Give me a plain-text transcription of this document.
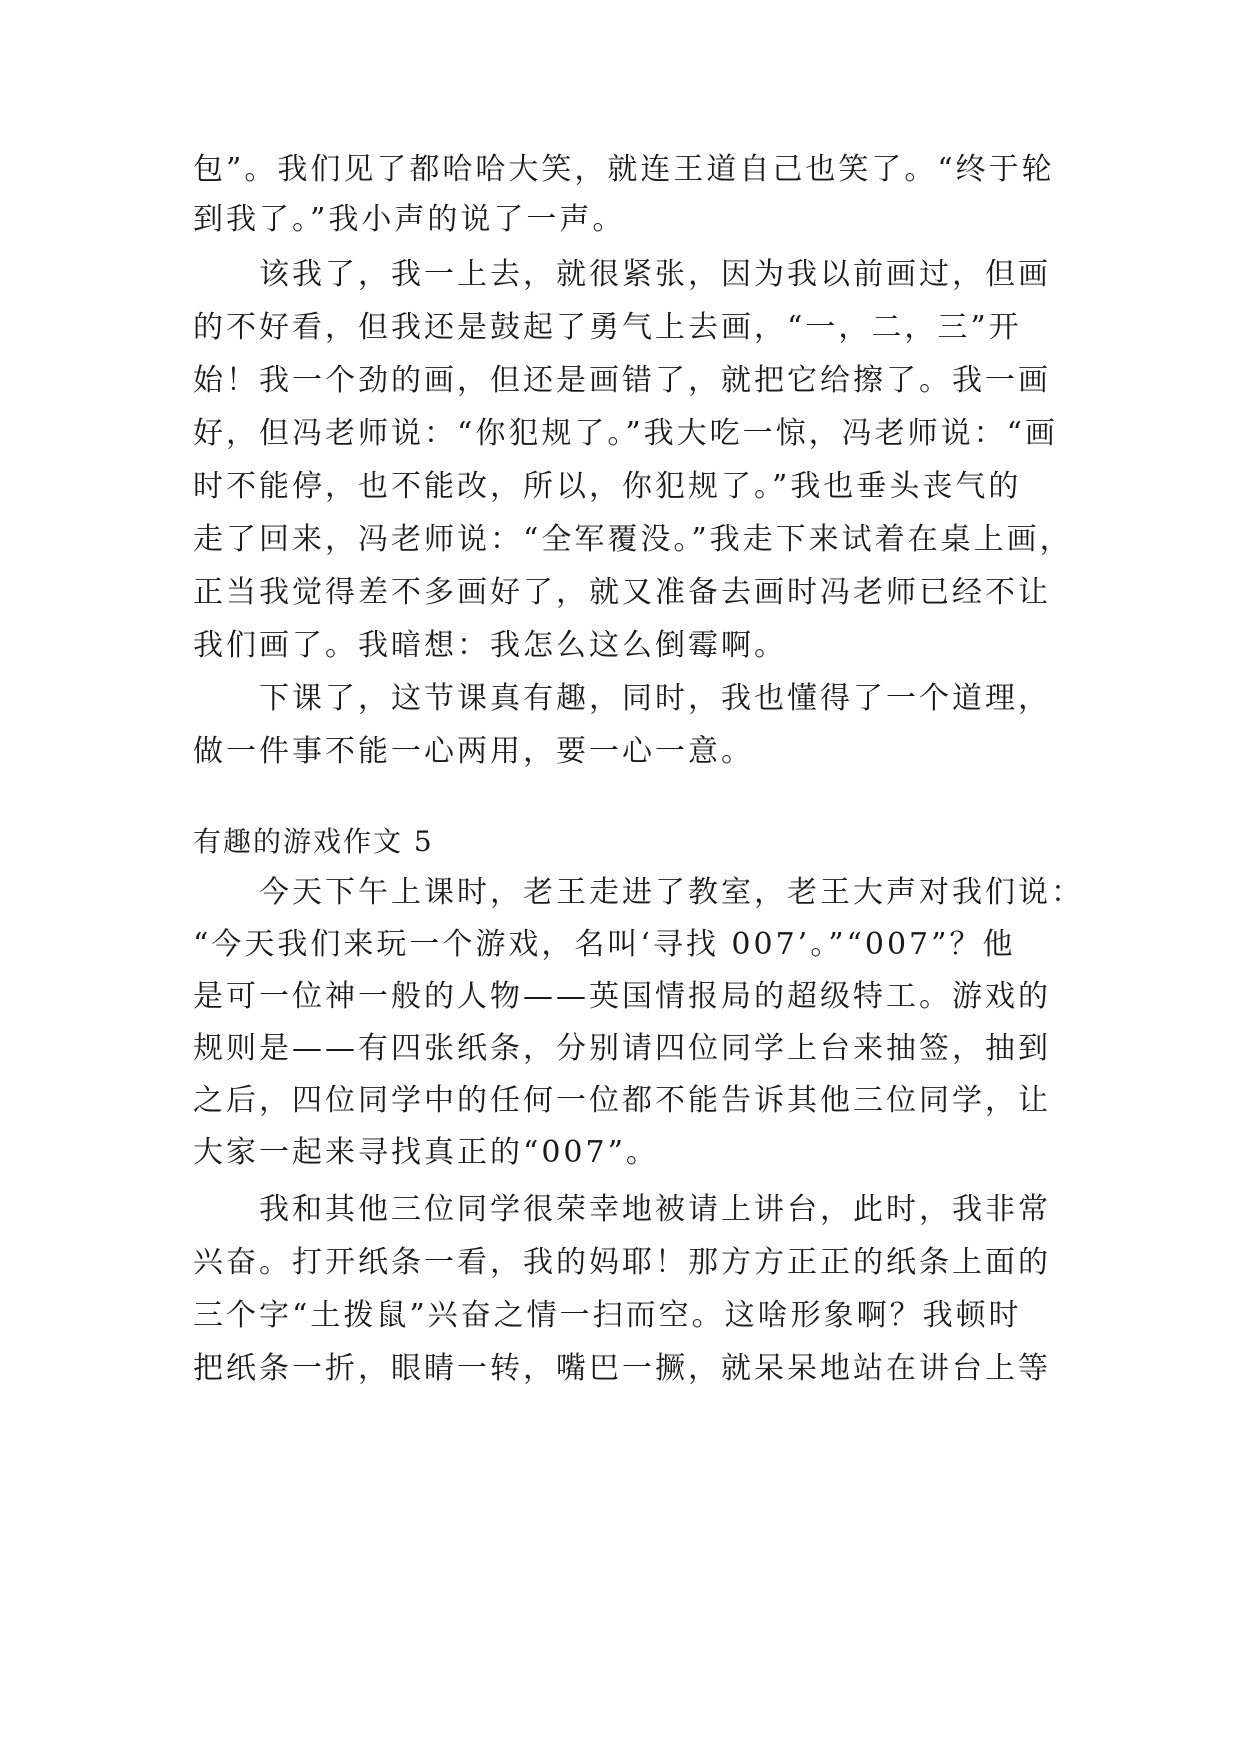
包”。我们见了都哈哈大笑，就连王道自己也笑了。“终于轮
到我了。”我小声的说了一声。
　　该我了，我一上去，就很紧张，因为我以前画过，但画
的不好看，但我还是鼓起了勇气上去画，“一，二，三”开
始！我一个劲的画，但还是画错了，就把它给擦了。我一画
好，但冯老师说：“你犯规了。”我大吃一惊，冯老师说：“画
时不能停，也不能改，所以，你犯规了。”我也垂头丧气的
走了回来，冯老师说：“全军覆没。”我走下来试着在桌上画，
正当我觉得差不多画好了，就又准备去画时冯老师已经不让
我们画了。我暗想：我怎么这么倒霉啊。
　　下课了，这节课真有趣，同时，我也懂得了一个道理，
做一件事不能一心两用，要一心一意。
有趣的游戏作文 5
　　今天下午上课时，老王走进了教室，老王大声对我们说：
“今天我们来玩一个游戏，名叫‘寻找 007’。”“007”？他
是可一位神一般的人物——英国情报局的超级特工。游戏的
规则是——有四张纸条，分别请四位同学上台来抽签，抽到
之后，四位同学中的任何一位都不能告诉其他三位同学，让
大家一起来寻找真正的“007”。
　　我和其他三位同学很荣幸地被请上讲台，此时，我非常
兴奋。打开纸条一看，我的妈耶！那方方正正的纸条上面的
三个字“土拨鼠”兴奋之情一扫而空。这啥形象啊？我顿时
把纸条一折，眼睛一转，嘴巴一撅，就呆呆地站在讲台上等
